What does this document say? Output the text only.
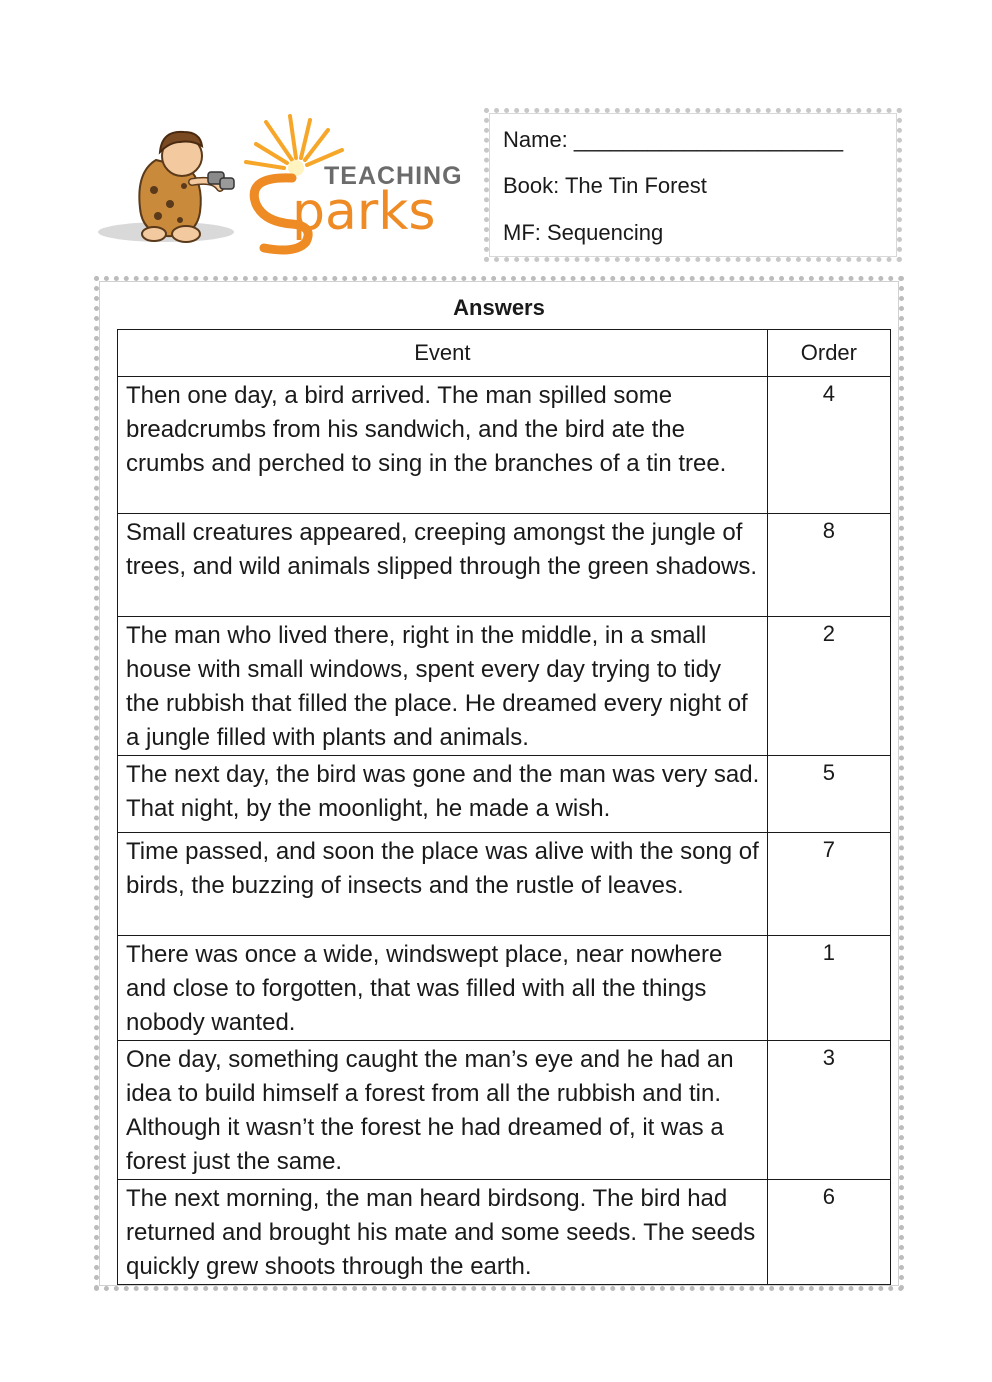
TEACHING
parks
Name: ______________________
Book: The Tin Forest
MF: Sequencing
Answers
Event	Order
Then one day, a bird arrived. The man spilled some breadcrumbs from his sandwich, and the bird ate the crumbs and perched to sing in the branches of a tin tree.	4
Small creatures appeared, creeping amongst the jungle of trees, and wild animals slipped through the green shadows.	8
The man who lived there, right in the middle, in a small house with small windows, spent every day trying to tidy the rubbish that filled the place. He dreamed every night of a jungle filled with plants and animals.	2
The next day, the bird was gone and the man was very sad. That night, by the moonlight, he made a wish.	5
Time passed, and soon the place was alive with the song of birds, the buzzing of insects and the rustle of leaves.	7
There was once a wide, windswept place, near nowhere and close to forgotten, that was filled with all the things nobody wanted.	1
One day, something caught the man’s eye and he had an idea to build himself a forest from all the rubbish and tin. Although it wasn’t the forest he had dreamed of, it was a forest just the same.	3
The next morning, the man heard birdsong. The bird had returned and brought his mate and some seeds. The seeds quickly grew shoots through the earth.	6
